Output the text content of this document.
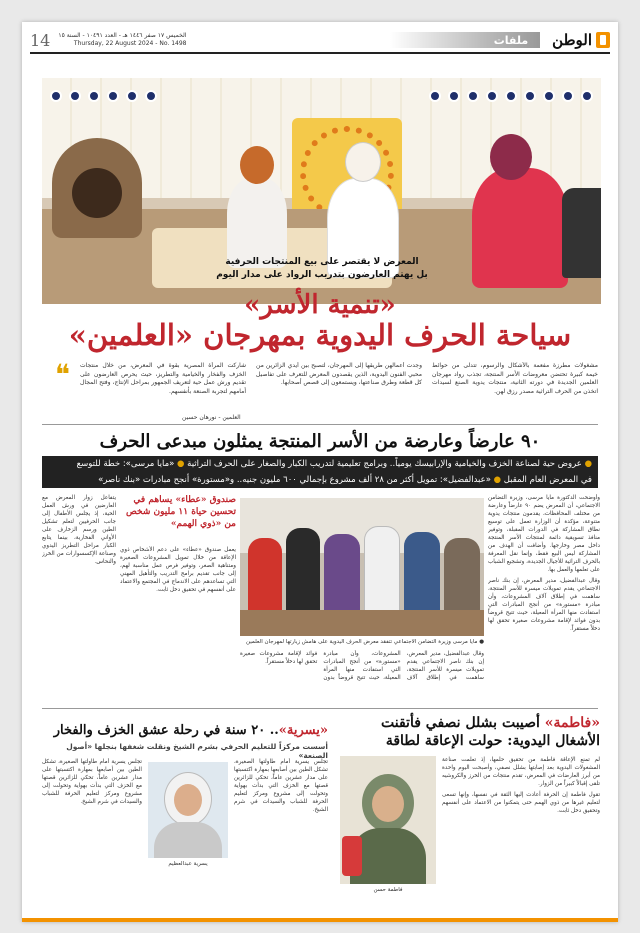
الوطن
ملفات
الخميس ١٧ صفر ١٤٤٦ هـ - العدد ١٠٤٩١ - السنة ١٥
Thursday, 22 August 2024 - No. 1498
14
المعرض لا يقتصر على بيع المنتجات الحرفية
بل يهتم العارضون بتدريب الرواد على مدار اليوم
«تنمية الأسر»
سياحة الحرف اليدوية بمهرجان «العلمين»
مشغولات مطرزة مفعمة بالأشكال والرسوم، تتدلى من حوائط خيمة كبيرة تحتضن معروضات الأسر المنتجة، تجذب رواد مهرجان العلمين الجديدة في دورته الثانية، منتجات يدوية الصنع لسيدات اتخذن من الحرف التراثية مصدر رزق لهن.
وجدت أعمالهن طريقها إلى المهرجان، لتصبح بين أيدي الزائرين من محبي الفنون اليدوية، الذين يقصدون المعرض للتعرف على تفاصيل كل قطعة وطرق صناعتها، ويستمعون إلى قصص أصحابها.
شاركت المرأة المصرية بقوة في المعرض، من خلال منتجات الخزف والفخار والخيامية والتطريز، حيث يحرص العارضون على تقديم ورش عمل حية لتعريف الجمهور بمراحل الإنتاج، وفتح المجال أمامهم لتجربة الصنعة بأنفسهم.
❝
العلمين - نورهان حسين
٩٠ عارضاً وعارضة من الأسر المنتجة يمثلون مبدعى الحرف
● عروض حية لصناعة الخزف والخيامية والإرابيسك يومياً.. وبرامج تعليمية لتدريب الكبار والصغار على الحرف التراثية ● «مايا مرسى»: خطة للتوسع
في المعرض العام المقبل ● «عبدالفضيل»: تمويل أكثر من ٢٨ ألف مشروع بإجمالي ٦٠٠ مليون جنيه.. و«مستورة» أنجح مبادرات «بنك ناصر»

وأوضحت الدكتورة مايا مرسى، وزيرة التضامن الاجتماعي، أن المعرض يضم ٩٠ عارضاً وعارضة من مختلف المحافظات، يقدمون منتجات يدوية متنوعة، مؤكدة أن الوزارة تعمل على توسيع نطاق المشاركة في الدورات المقبلة، وتوفير منافذ تسويقية دائمة لمنتجات الأسر المنتجة داخل مصر وخارجها. وأضافت أن الهدف من المشاركة ليس البيع فقط، وإنما نقل المعرفة بالحرف التراثية للأجيال الجديدة، وتشجيع الشباب على تعلمها والعمل بها.

وقال عبدالفضيل، مدير المعرض، إن بنك ناصر الاجتماعي يقدم تمويلات ميسرة للأسر المنتجة، ساهمت في إطلاق آلاف المشروعات، وأن مبادرة «مستورة» من أنجح المبادرات التي استفادت منها المرأة المعيلة، حيث تتيح قروضاً بدون فوائد لإقامة مشروعات صغيرة تحقق لها دخلاً مستقراً.

● مايا مرسى وزيرة التضامن الاجتماعي تتفقد معرض الحرف اليدوية على هامش زيارتها لمهرجان العلمين
صندوق «عطاء» يساهم في تحسين حياة ١١ مليون شخص من «ذوي الهمم»

يعمل صندوق «عطاء» على دعم الأشخاص ذوي الإعاقة من خلال تمويل المشروعات الصغيرة ومتناهية الصغر، وتوفير فرص عمل مناسبة لهم، إلى جانب تقديم برامج التدريب والتأهيل المهني التي تساعدهم على الاندماج في المجتمع والاعتماد على أنفسهم في تحقيق دخل ثابت.

يتفاعل زوار المعرض مع العارضين في ورش العمل الحية، إذ يجلس الأطفال إلى جانب الحرفيين لتعلم تشكيل الطين ورسم الزخارف على الأواني الفخارية، بينما يتابع الكبار مراحل التطريز اليدوي وصناعة الإكسسوارات من الخرز والنحاس.

وقال عبدالفضيل، مدير المعرض، إن بنك ناصر الاجتماعي يقدم تمويلات ميسرة للأسر المنتجة، ساهمت في إطلاق آلاف المشروعات، وأن مبادرة «مستورة» من أنجح المبادرات التي استفادت منها المرأة المعيلة، حيث تتيح قروضاً بدون فوائد لإقامة مشروعات صغيرة تحقق لها دخلاً مستقراً.

«فاطمة» أصيبت بشلل نصفي فأتقنت
الأشغال اليدوية: حولت الإعاقة لطاقة

لم تمنع الإعاقة فاطمة من تحقيق حلمها، إذ تعلمت صناعة المشغولات اليدوية بعد إصابتها بشلل نصفي، وأصبحت اليوم واحدة من أبرز العارضات في المعرض، تقدم منتجات من الخرز والكروشيه تلقى إقبالاً كبيراً من الزوار.

تقول فاطمة إن الحرفة أعادت إليها الثقة في نفسها، وإنها تسعى لتعليم غيرها من ذوي الهمم حتى يتمكنوا من الاعتماد على أنفسهم وتحقيق دخل ثابت.

فاطمة حسن
«يسرية».. ٢٠ سنة في رحلة عشق الخزف والفخار
أسست مركزاً للتعليم الحرفي بشرم الشيخ ونقلت شغفها بنجلها «أصول الصنعة»

تجلس يسرية أمام طاولتها الصغيرة، تشكل الطين بين أصابعها بمهارة اكتسبتها على مدار عشرين عاماً، تحكي للزائرين قصتها مع الخزف التي بدأت بهواية وتحولت إلى مشروع ومركز لتعليم الحرفة للشباب والسيدات في شرم الشيخ.

يسرية عبدالعظيم

تجلس يسرية أمام طاولتها الصغيرة، تشكل الطين بين أصابعها بمهارة اكتسبتها على مدار عشرين عاماً، تحكي للزائرين قصتها مع الخزف التي بدأت بهواية وتحولت إلى مشروع ومركز لتعليم الحرفة للشباب والسيدات في شرم الشيخ.
